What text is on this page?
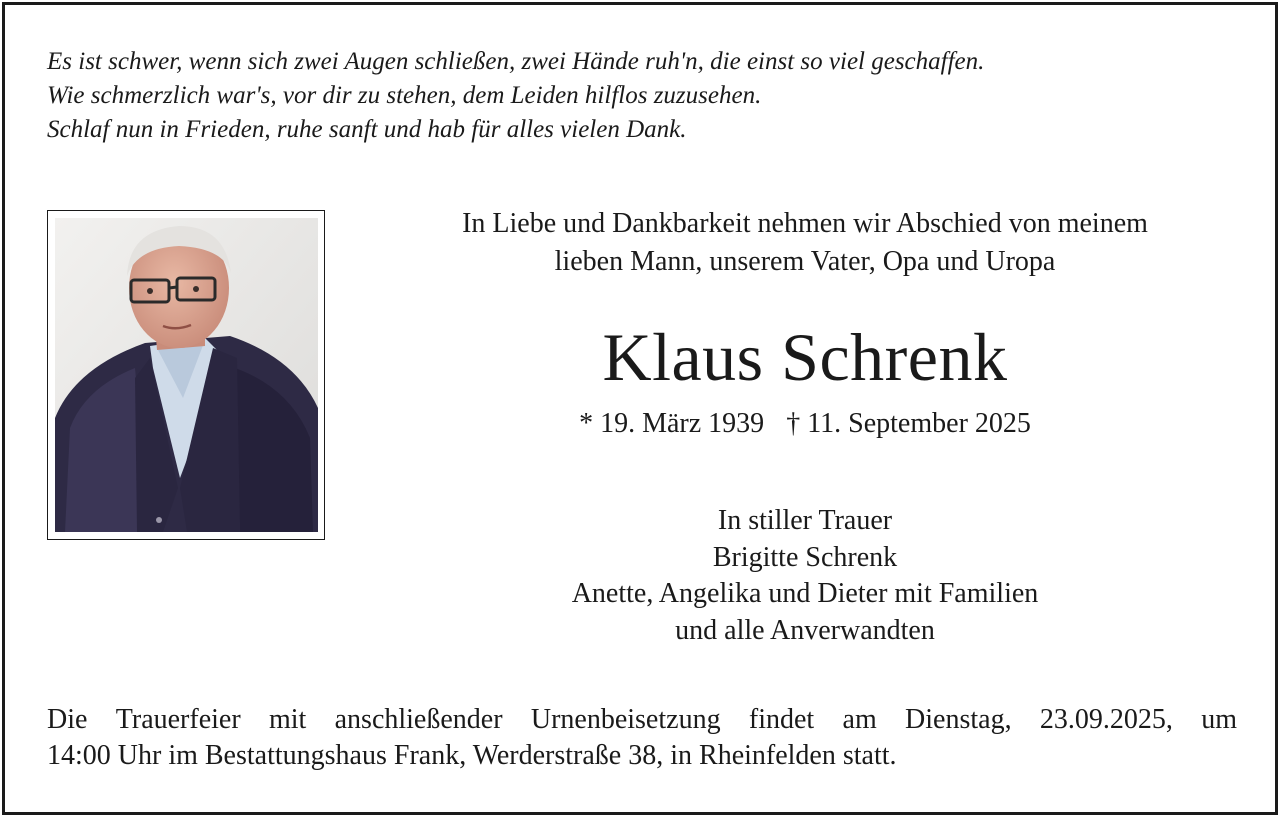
Es ist schwer, wenn sich zwei Augen schließen, zwei Hände ruh'n, die einst so viel geschaffen.
Wie schmerzlich war's, vor dir zu stehen, dem Leiden hilflos zuzusehen.
Schlaf nun in Frieden, ruhe sanft und hab für alles vielen Dank.
In Liebe und Dankbarkeit nehmen wir Abschied von meinem
lieben Mann, unserem Vater, Opa und Uropa
Klaus Schrenk
* 19. März 1939 † 11. September 2025
In stiller Trauer
Brigitte Schrenk
Anette, Angelika und Dieter mit Familien
und alle Anverwandten
Die Trauerfeier mit anschließender Urnenbeisetzung findet am Dienstag, 23.09.2025, um
14:00 Uhr im Bestattungshaus Frank, Werderstraße 38, in Rheinfelden statt.
